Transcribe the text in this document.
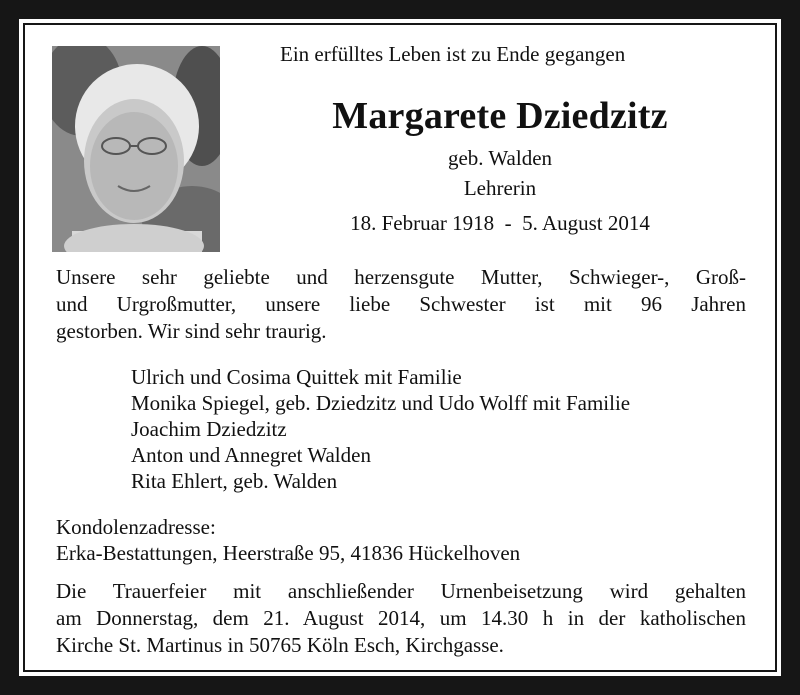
Ein erfülltes Leben ist zu Ende gegangen
Margarete Dziedzitz
geb. Walden
Lehrerin
18. Februar 1918  -  5. August 2014
Unsere sehr geliebte und herzensgute Mutter, Schwieger-, Groß-
und Urgroßmutter, unsere liebe Schwester ist mit 96 Jahren
gestorben. Wir sind sehr traurig.
Ulrich und Cosima Quittek mit Familie
Monika Spiegel, geb. Dziedzitz und Udo Wolff mit Familie
Joachim Dziedzitz
Anton und Annegret Walden
Rita Ehlert, geb. Walden
Kondolenzadresse:
Erka-Bestattungen, Heerstraße 95, 41836 Hückelhoven
Die Trauerfeier mit anschließender Urnenbeisetzung wird gehalten
am Donnerstag, dem 21. August 2014, um 14.30 h in der katholischen
Kirche St. Martinus in 50765 Köln Esch, Kirchgasse.
